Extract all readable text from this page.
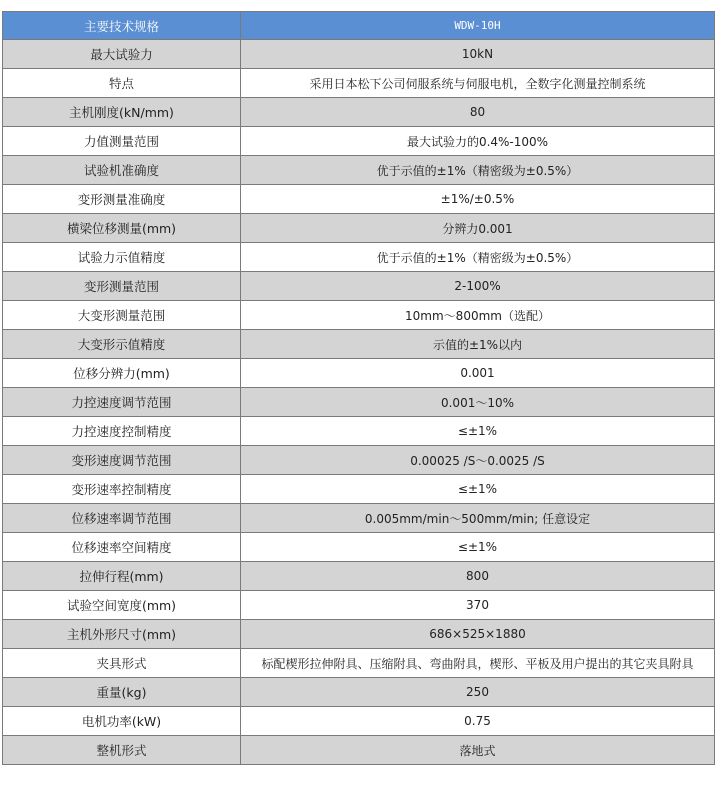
主要技术规格	WDW-10H
最大试验力	10kN
特点	采用日本松下公司伺服系统与伺服电机，全数字化测量控制系统
主机刚度(kN/mm)	80
力值测量范围	最大试验力的0.4%-100%
试验机准确度	优于示值的±1%（精密级为±0.5%）
变形测量准确度	±1%/±0.5%
横梁位移测量(mm)	分辨力0.001
试验力示值精度	优于示值的±1%（精密级为±0.5%）
变形测量范围	2-100%
大变形测量范围	10mm～800mm（选配）
大变形示值精度	示值的±1%以内
位移分辨力(mm)	0.001
力控速度调节范围	0.001～10%
力控速度控制精度	≤±1%
变形速度调节范围	0.00025 /S～0.0025 /S
变形速率控制精度	≤±1%
位移速率调节范围	0.005mm/min～500mm/min; 任意设定
位移速率空间精度	≤±1%
拉伸行程(mm)	800
试验空间宽度(mm)	370
主机外形尺寸(mm)	686×525×1880
夹具形式	标配楔形拉伸附具、压缩附具、弯曲附具，楔形、平板及用户提出的其它夹具附具
重量(kg)	250
电机功率(kW)	0.75
整机形式	落地式
